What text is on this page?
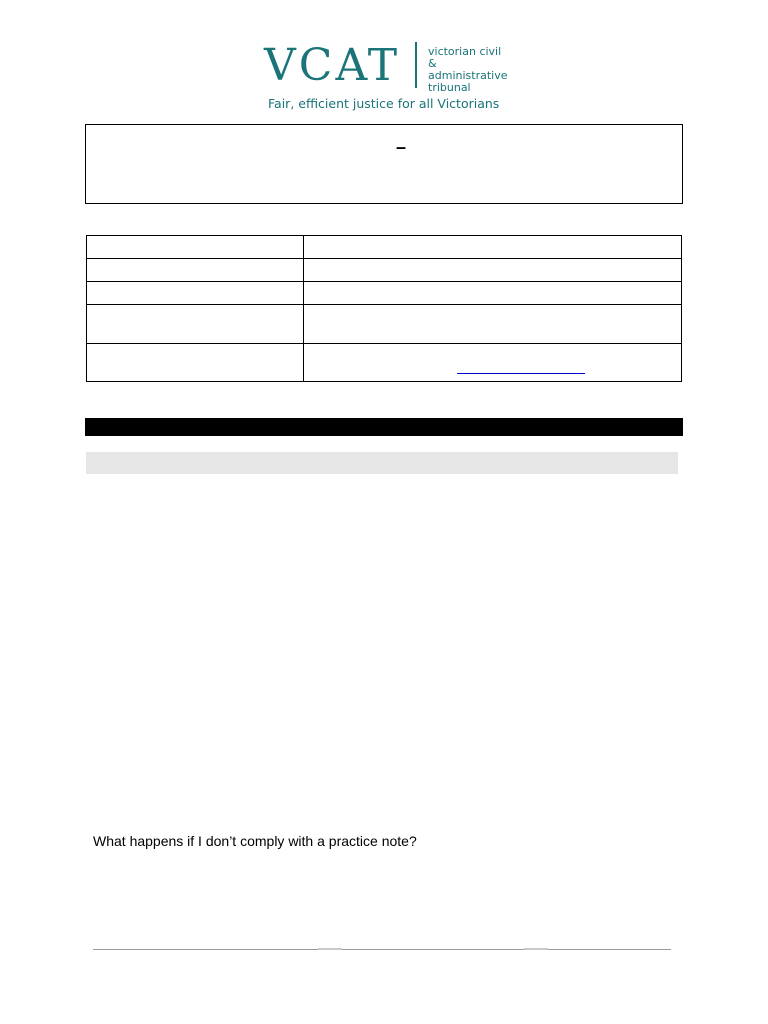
VCAT	victorian civil &
administrative
tribunal
Fair, efficient justice for all Victorians
–

What happens if I don’t comply with a practice note?
